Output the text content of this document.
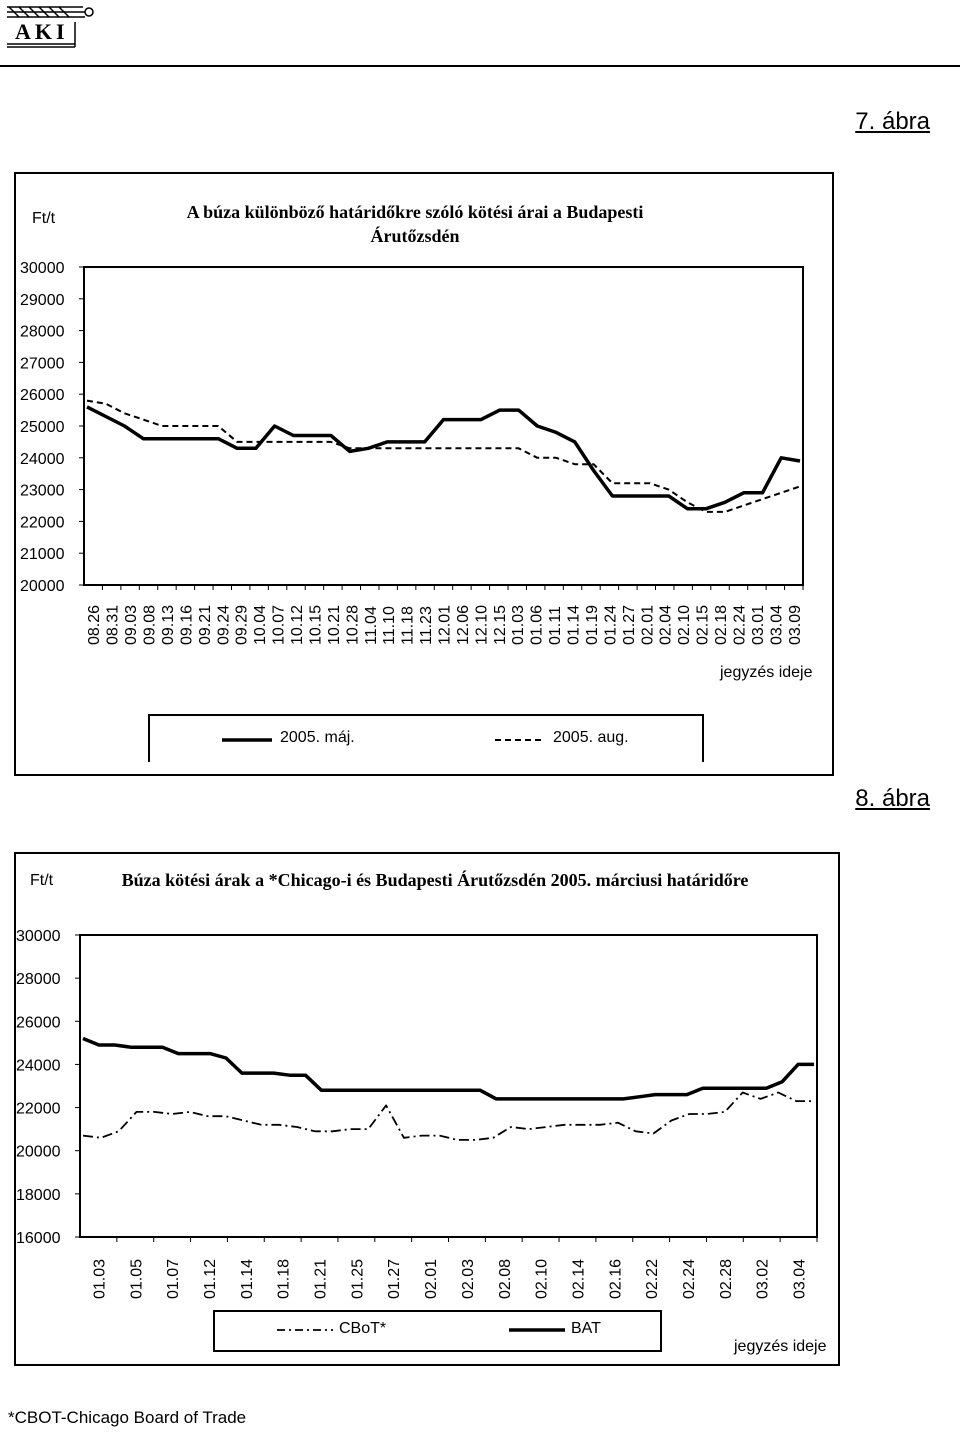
AKI
7. ábra
Ft/t	A búza különböző határidőkre szóló kötési árai a Budapesti Árutőzsdén
20000
21000
22000
23000
24000
25000
26000
27000
28000
29000
30000
08.26 08.31 09.03 09.08 09.13 09.16 09.21 09.24 09.29 10.04 10.07 10.12 10.15 10.21 10.28 11.04 11.10 11.18 11.23 12.01 12.06 12.10 12.15 01.03 01.06 01.11 01.14 01.19 01.24 01.27 02.01 02.04 02.10 02.15 02.18 02.24 03.01 03.04 03.09
jegyzés ideje
2005. máj.	2005. aug.
8. ábra
Ft/t	Búza kötési árak a *Chicago-i és Budapesti Árutőzsdén 2005. márciusi határidőre
16000
18000
20000
22000
24000
26000
28000
30000
01.03 01.05 01.07 01.12 01.14 01.18 01.21 01.25 01.27 02.01 02.03 02.08 02.10 02.14 02.16 02.22 02.24 02.28 03.02 03.04
CBoT*	BAT
jegyzés ideje
*CBOT-Chicago Board of Trade
